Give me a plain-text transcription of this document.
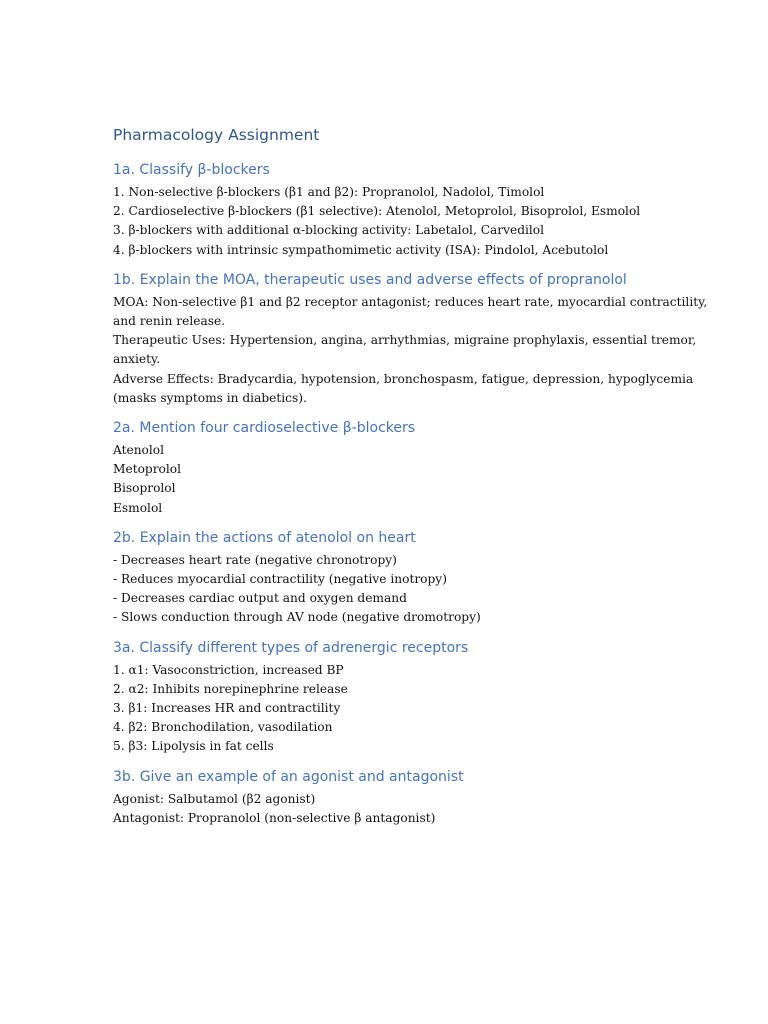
Pharmacology Assignment
1a. Classify β-blockers

1. Non-selective β-blockers (β1 and β2): Propranolol, Nadolol, Timolol

2. Cardioselective β-blockers (β1 selective): Atenolol, Metoprolol, Bisoprolol, Esmolol

3. β-blockers with additional α-blocking activity: Labetalol, Carvedilol

4. β-blockers with intrinsic sympathomimetic activity (ISA): Pindolol, Acebutolol

1b. Explain the MOA, therapeutic uses and adverse effects of propranolol

MOA: Non-selective β1 and β2 receptor antagonist; reduces heart rate, myocardial contractility, and renin release.

Therapeutic Uses: Hypertension, angina, arrhythmias, migraine prophylaxis, essential tremor, anxiety.

Adverse Effects: Bradycardia, hypotension, bronchospasm, fatigue, depression, hypoglycemia (masks symptoms in diabetics).

2a. Mention four cardioselective β-blockers

Atenolol

Metoprolol

Bisoprolol

Esmolol

2b. Explain the actions of atenolol on heart

- Decreases heart rate (negative chronotropy)

- Reduces myocardial contractility (negative inotropy)

- Decreases cardiac output and oxygen demand

- Slows conduction through AV node (negative dromotropy)

3a. Classify different types of adrenergic receptors

1. α1: Vasoconstriction, increased BP

2. α2: Inhibits norepinephrine release

3. β1: Increases HR and contractility

4. β2: Bronchodilation, vasodilation

5. β3: Lipolysis in fat cells

3b. Give an example of an agonist and antagonist

Agonist: Salbutamol (β2 agonist)

Antagonist: Propranolol (non-selective β antagonist)
